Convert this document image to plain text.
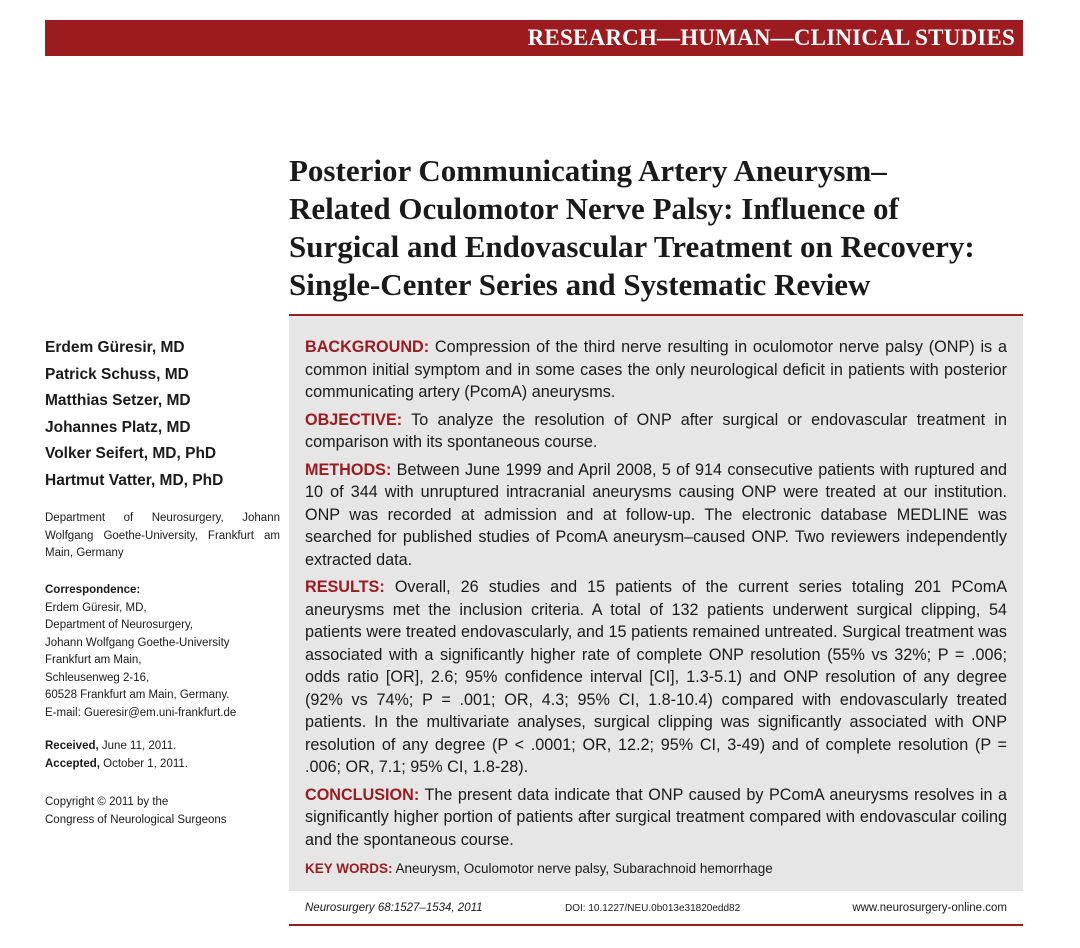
RESEARCH—HUMAN—CLINICAL STUDIES
Posterior Communicating Artery Aneurysm–
Related Oculomotor Nerve Palsy: Influence of
Surgical and Endovascular Treatment on Recovery:
Single-Center Series and Systematic Review
Erdem Güresir, MD
Patrick Schuss, MD
Matthias Setzer, MD
Johannes Platz, MD
Volker Seifert, MD, PhD
Hartmut Vatter, MD, PhD
Department of Neurosurgery, Johann Wolfgang Goethe-University, Frankfurt am Main, Germany
Correspondence:
Erdem Güresir, MD,
Department of Neurosurgery,
Johann Wolfgang Goethe-University
Frankfurt am Main,
Schleusenweg 2-16,
60528 Frankfurt am Main, Germany.
E-mail: Gueresir@em.uni-frankfurt.de
Received, June 11, 2011.
Accepted, October 1, 2011.
Copyright © 2011 by the
Congress of Neurological Surgeons

BACKGROUND: Compression of the third nerve resulting in oculomotor nerve palsy (ONP) is a common initial symptom and in some cases the only neurological deficit in patients with posterior communicating artery (PcomA) aneurysms.

OBJECTIVE: To analyze the resolution of ONP after surgical or endovascular treatment in comparison with its spontaneous course.

METHODS: Between June 1999 and April 2008, 5 of 914 consecutive patients with ruptured and 10 of 344 with unruptured intracranial aneurysms causing ONP were treated at our institution. ONP was recorded at admission and at follow-up. The electronic database MEDLINE was searched for published studies of PcomA aneurysm–caused ONP. Two reviewers independently extracted data.

RESULTS: Overall, 26 studies and 15 patients of the current series totaling 201 PComA aneurysms met the inclusion criteria. A total of 132 patients underwent surgical clipping, 54 patients were treated endovascularly, and 15 patients remained untreated. Surgical treatment was associated with a significantly higher rate of complete ONP resolution (55% vs 32%; P = .006; odds ratio [OR], 2.6; 95% confidence interval [CI], 1.3-5.1) and ONP resolution of any degree (92% vs 74%; P = .001; OR, 4.3; 95% CI, 1.8-10.4) compared with endovascularly treated patients. In the multivariate analyses, surgical clipping was significantly associated with ONP resolution of any degree (P < .0001; OR, 12.2; 95% CI, 3-49) and of complete resolution (P = .006; OR, 7.1; 95% CI, 1.8-28).

CONCLUSION: The present data indicate that ONP caused by PComA aneurysms resolves in a significantly higher portion of patients after surgical treatment compared with endovascular coiling and the spontaneous course.

KEY WORDS: Aneurysm, Oculomotor nerve palsy, Subarachnoid hemorrhage

Neurosurgery 68:1527–1534, 2011	DOI: 10.1227/NEU.0b013e31820edd82	www.neurosurgery-online.com
